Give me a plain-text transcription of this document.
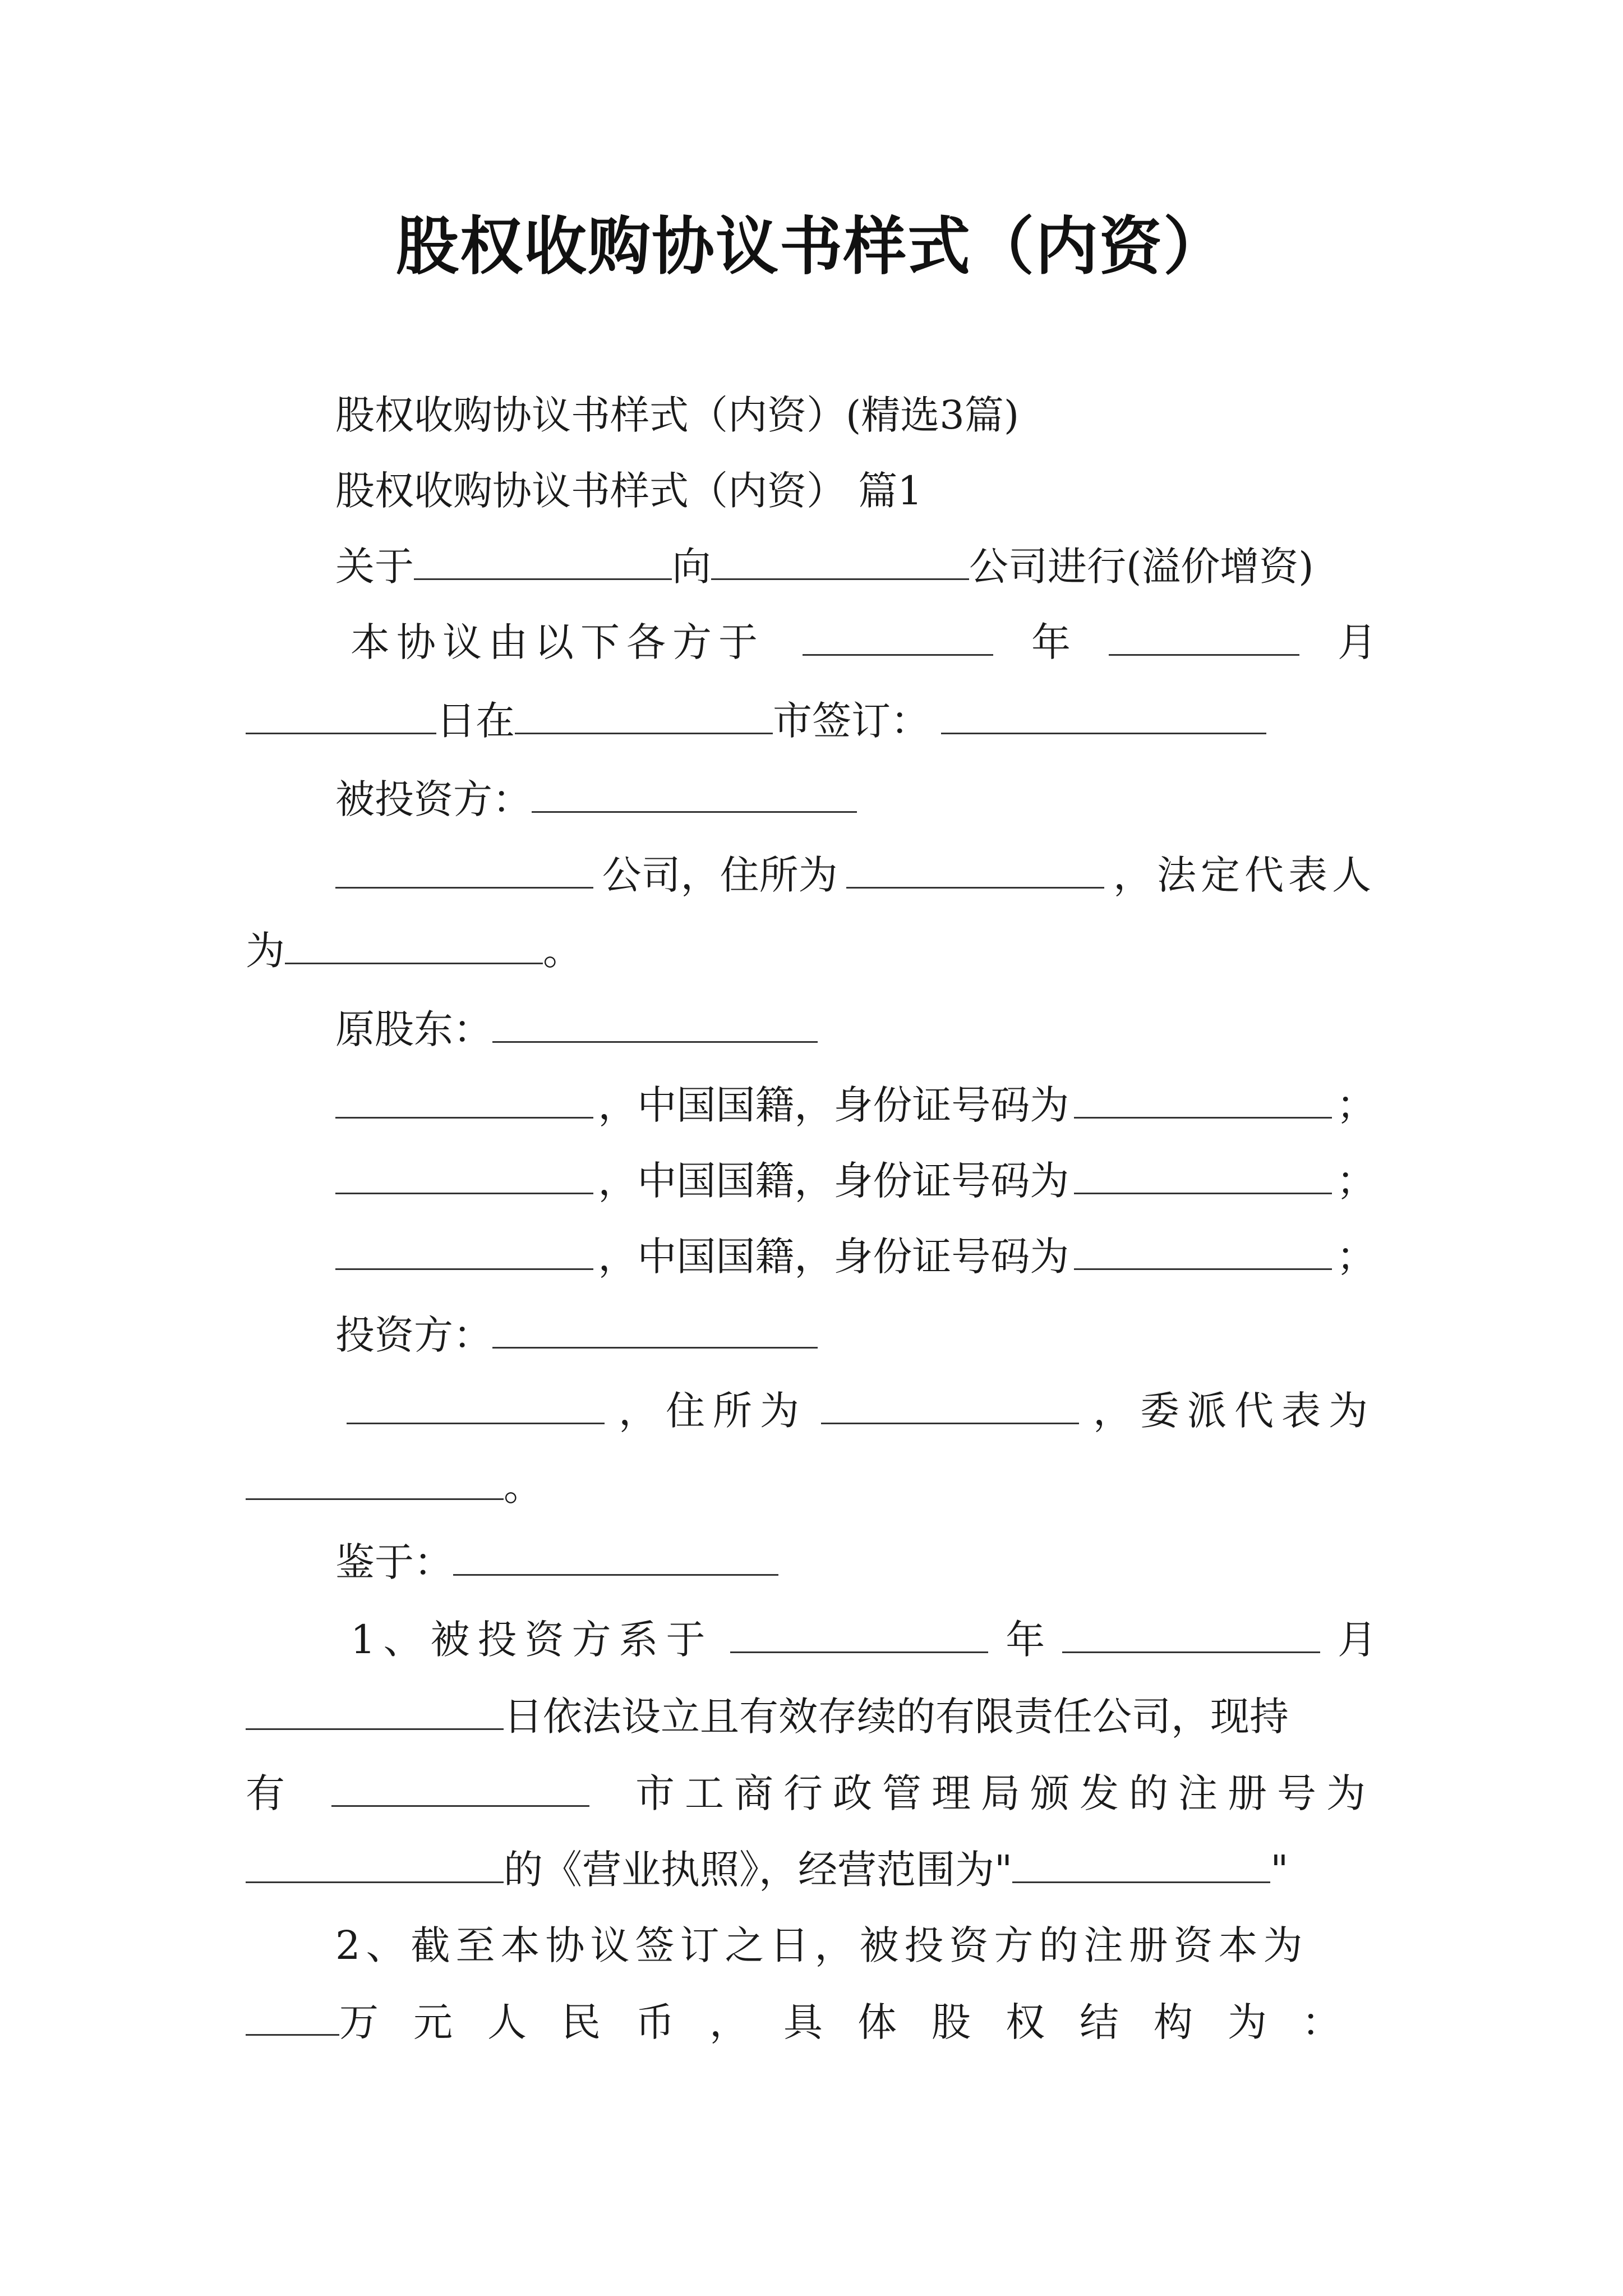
股权收购协议书样式（内资）
股权收购协议书样式（内资）(精选3篇)
股权收购协议书样式（内资） 篇1
关于	向	公司进行(溢价增资)
本协议由以下各方于	年	月
日在	市签订：
被投资方：
公司，住所为	，法定代表人
为	。
原股东：
，中国国籍，身份证号码为	；
，中国国籍，身份证号码为	；
，中国国籍，身份证号码为	；
投资方：
，住所为	，委派代表为
。
鉴于：
1、被投资方系于	年	月
日依法设立且有效存续的有限责任公司，现持
有	市工商行政管理局颁发的注册号为
的《营业执照》，经营范围为"	"
2、截至本协议签订之日，被投资方的注册资本为
万元人民币，具体股权结构为：
